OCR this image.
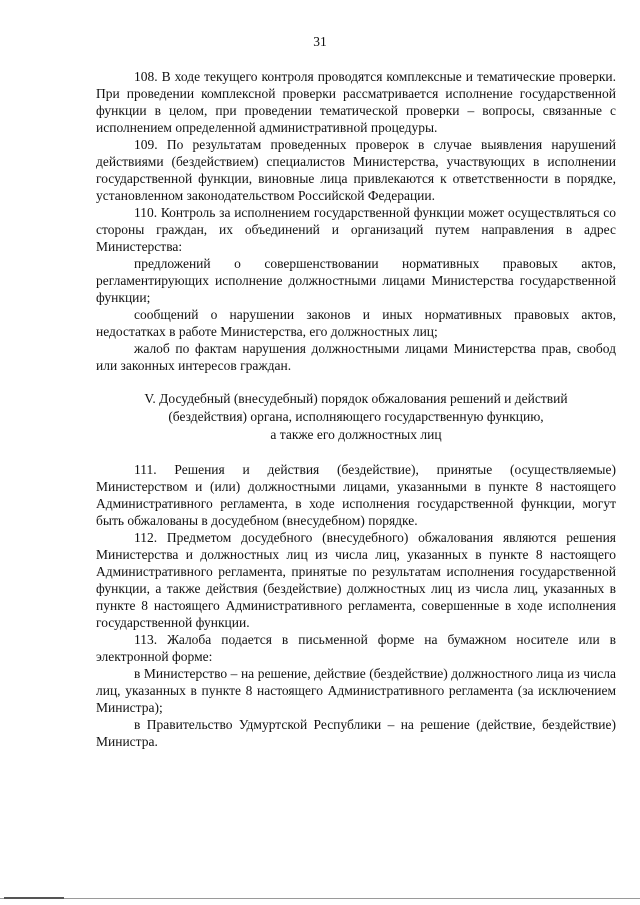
31

108. В ходе текущего контроля проводятся комплексные и тематические проверки. При проведении комплексной проверки рассматривается исполнение государственной функции в целом, при проведении тематической проверки – вопросы, связанные с исполнением определенной административной процедуры.

109. По результатам проведенных проверок в случае выявления нарушений действиями (бездействием) специалистов Министерства, участвующих в исполнении государственной функции, виновные лица привлекаются к ответственности в порядке, установленном законодательством Российской Федерации.

110. Контроль за исполнением государственной функции может осуществляться со стороны граждан, их объединений и организаций путем направления в адрес Министерства:

предложений о совершенствовании нормативных правовых актов, регламентирующих исполнение должностными лицами Министерства государственной функции;

сообщений о нарушении законов и иных нормативных правовых актов, недостатках в работе Министерства, его должностных лиц;

жалоб по фактам нарушения должностными лицами Министерства прав, свобод или законных интересов граждан.

V. Досудебный (внесудебный) порядок обжалования решений и действий
(бездействия) органа, исполняющего государственную функцию,
а также его должностных лиц

111. Решения и действия (бездействие), принятые (осуществляемые) Министерством и (или) должностными лицами, указанными в пункте 8 настоящего Административного регламента, в ходе исполнения государственной функции, могут быть обжалованы в досудебном (внесудебном) порядке.

112. Предметом досудебного (внесудебного) обжалования являются решения Министерства и должностных лиц из числа лиц, указанных в пункте 8 настоящего Административного регламента, принятые по результатам исполнения государственной функции, а также действия (бездействие) должностных лиц из числа лиц, указанных в пункте 8 настоящего Административного регламента, совершенные в ходе исполнения государственной функции.

113. Жалоба подается в письменной форме на бумажном носителе или в электронной форме:

в Министерство – на решение, действие (бездействие) должностного лица из числа лиц, указанных в пункте 8 настоящего Административного регламента (за исключением Министра);

в Правительство Удмуртской Республики – на решение (действие, бездействие) Министра.
